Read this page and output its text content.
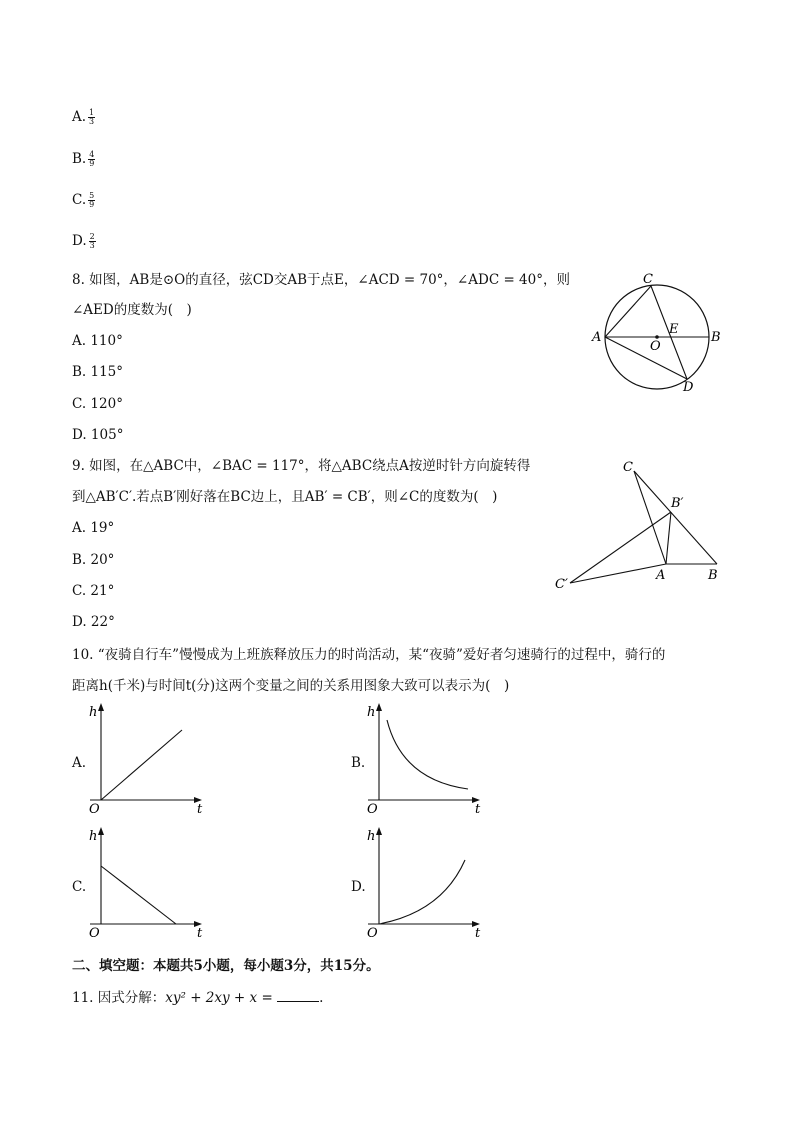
A. $\frac{1}{3}$
B. $\frac{4}{9}$
C. $\frac{5}{9}$
D. $\frac{2}{3}$
8. 如图，AB是⊙O的直径，弦CD交AB于点E，∠ACD = 70°，∠ADC = 40°，则
∠AED的度数为(　)
A. 110°
B. 115°
C. 120°
D. 105°
C
A	B
O
E
D
9. 如图，在△ABC中，∠BAC = 117°，将△ABC绕点A按逆时针方向旋转得
到△AB′C′.若点B′刚好落在BC边上，且AB′ = CB′，则∠C的度数为(　)
A. 19°
B. 20°
C. 21°
D. 22°
C
B′
C′
A	B
10. “夜骑自行车”慢慢成为上班族释放压力的时尚活动，某“夜骑”爱好者匀速骑行的过程中，骑行的
距离h(千米)与时间t(分)这两个变量之间的关系用图象大致可以表示为(　)
A.
h
t
O
B.
h
t
O
C.
h
t
O
D.
h
t
O
二、填空题：本题共5小题，每小题3分，共15分。
11. 因式分解：xy² + 2xy + x =	.
